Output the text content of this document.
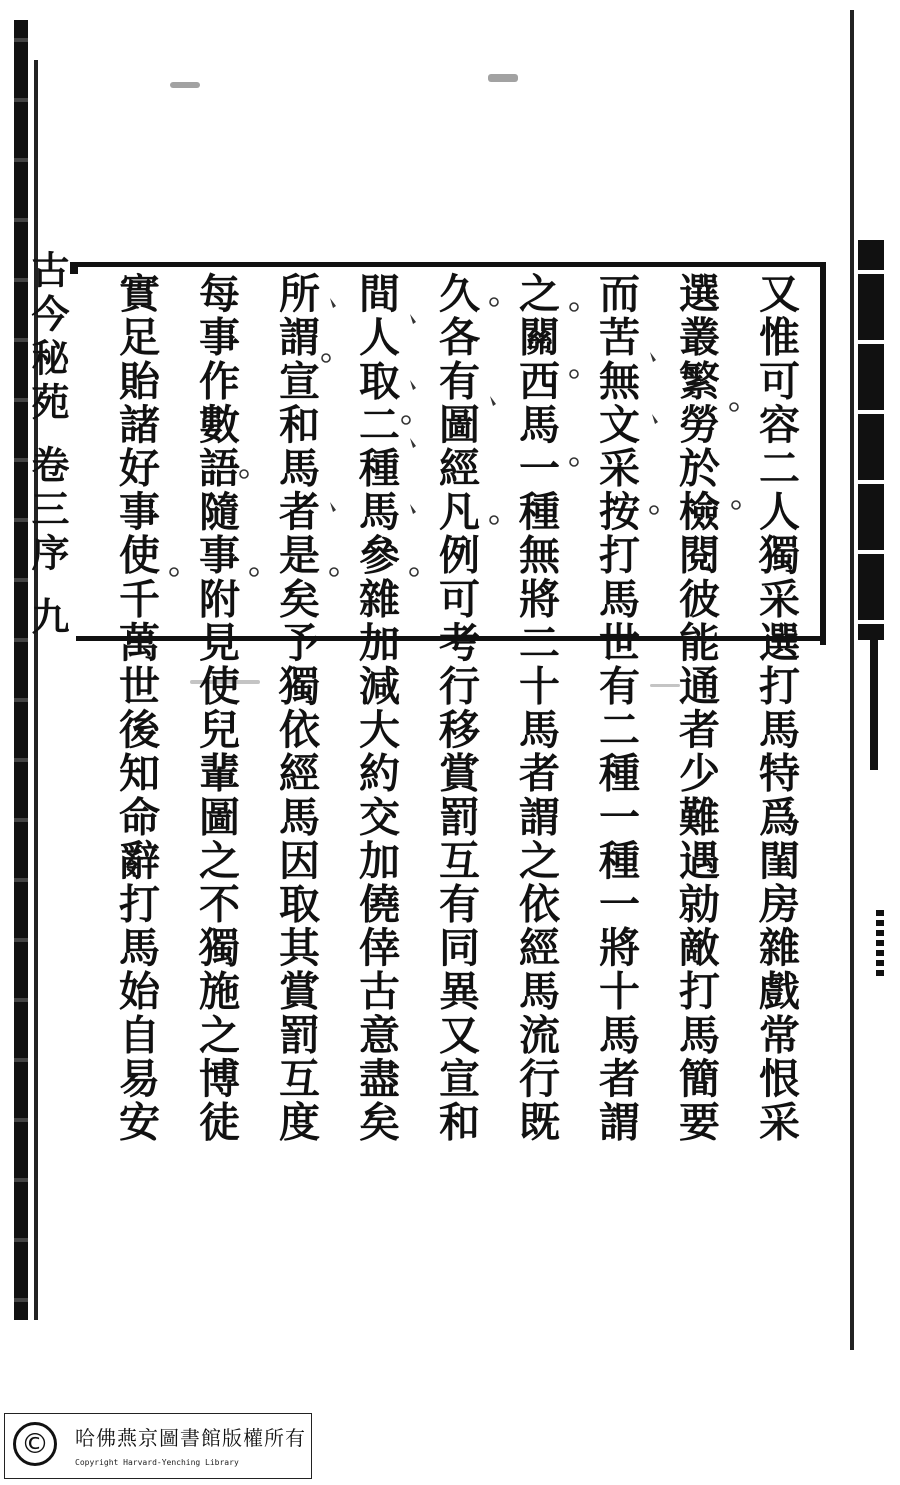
古今秘苑 卷三序 九	又惟可容二人獨采選打馬特爲閨房雜戲常恨采
選叢繁勞於檢閱彼能通者少難遇勍敵打馬簡要
而苦無文采按打馬世有二種一種一將十馬者謂
之關西馬一種無將二十馬者謂之依經馬流行既
久各有圖經凡例可考行移賞罰互有同異又宣和
間人取二種馬參雜加減大約交加僥倖古意盡矣
所謂宣和馬者是矣予獨依經馬因取其賞罰互度
每事作數語隨事附見使兒輩圖之不獨施之博徒
實足貽諸好事使千萬世後知命辭打馬始自易安
©	哈佛燕京圖書館版權所有
Copyright Harvard-Yenching Library
